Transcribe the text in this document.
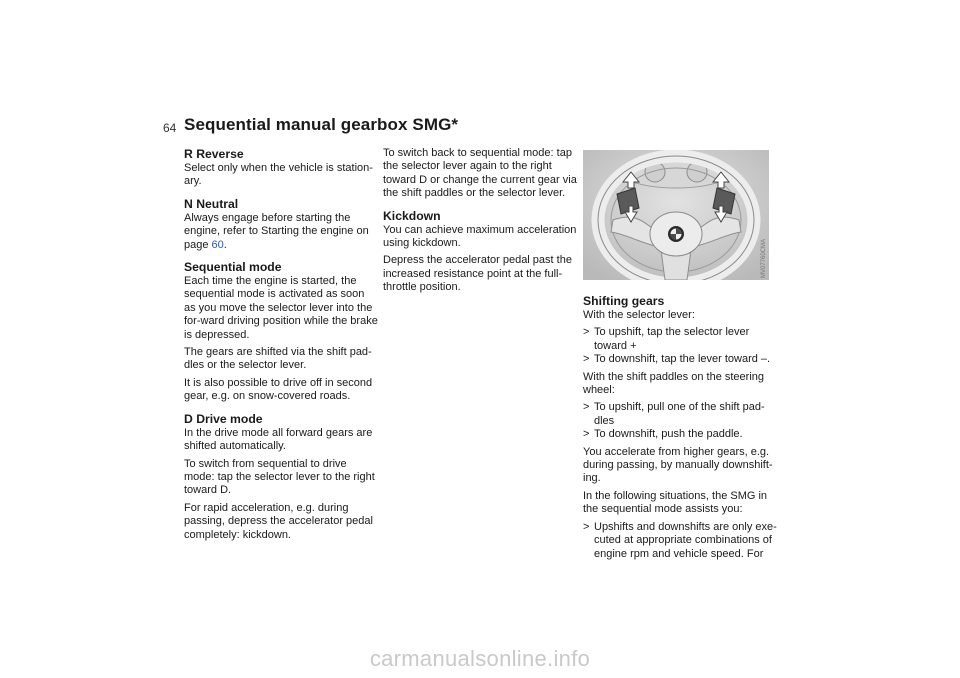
64 Sequential manual gearbox SMG*
R Reverse
Select only when the vehicle is station-ary.
N Neutral
Always engage before starting the engine, refer to Starting the engine on page 60.
Sequential mode
Each time the engine is started, the sequential mode is activated as soon as you move the selector lever into the for-ward driving position while the brake is depressed.
The gears are shifted via the shift pad-dles or the selector lever.
It is also possible to drive off in second gear, e.g. on snow-covered roads.
D Drive mode
In the drive mode all forward gears are shifted automatically.
To switch from sequential to drive mode: tap the selector lever to the right toward D.
For rapid acceleration, e.g. during passing, depress the accelerator pedal completely: kickdown.
To switch back to sequential mode: tap the selector lever again to the right toward D or change the current gear via the shift paddles or the selector lever.
Kickdown
You can achieve maximum acceleration using kickdown.
Depress the accelerator pedal past the increased resistance point at the full-throttle position.
MV07760CMA
Shifting gears
With the selector lever:
> To upshift, tap the selector lever toward +
> To downshift, tap the lever toward –.
With the shift paddles on the steering wheel:
> To upshift, pull one of the shift pad-dles
> To downshift, push the paddle.
You accelerate from higher gears, e.g. during passing, by manually downshift-ing.
In the following situations, the SMG in the sequential mode assists you:
> Upshifts and downshifts are only exe-cuted at appropriate combinations of engine rpm and vehicle speed. For
carmanualsonline.info
